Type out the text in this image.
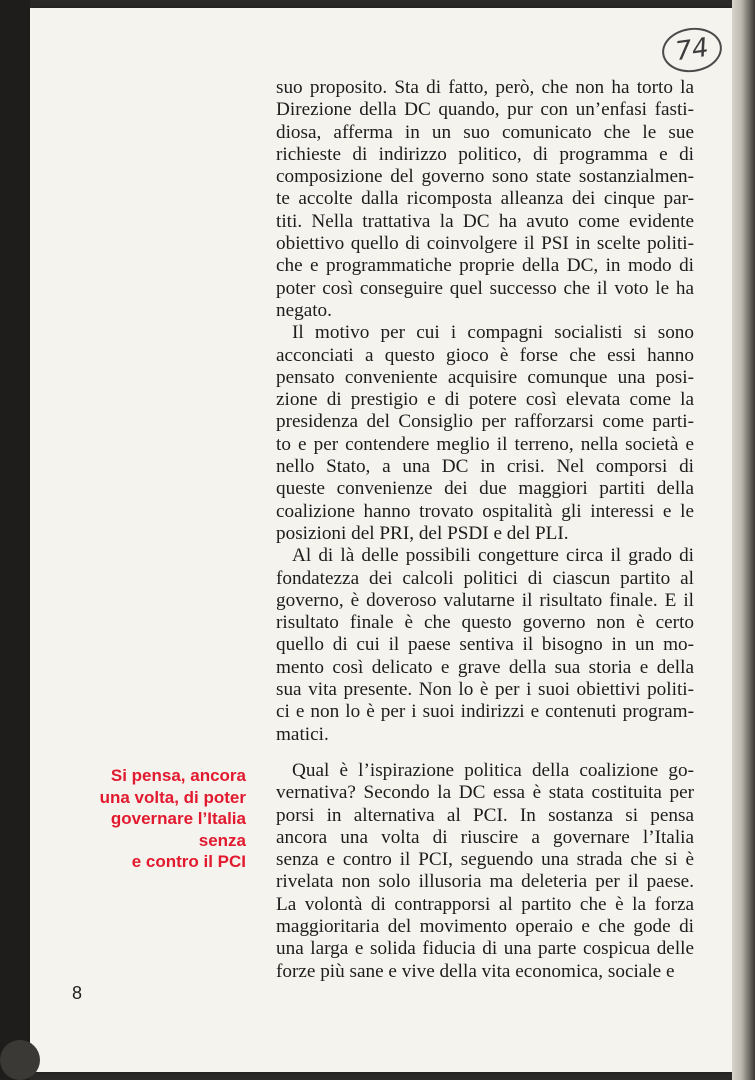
74

suo proposito. Sta di fatto, però, che non ha torto la
Direzione della DC quando, pur con un’enfasi fasti-
diosa, afferma in un suo comunicato che le sue
richieste di indirizzo politico, di programma e di
composizione del governo sono state sostanzialmen-
te accolte dalla ricomposta alleanza dei cinque par-
titi. Nella trattativa la DC ha avuto come evidente
obiettivo quello di coinvolgere il PSI in scelte politi-
che e programmatiche proprie della DC, in modo di
poter così conseguire quel successo che il voto le ha
negato.

Il motivo per cui i compagni socialisti si sono
acconciati a questo gioco è forse che essi hanno
pensato conveniente acquisire comunque una posi-
zione di prestigio e di potere così elevata come la
presidenza del Consiglio per rafforzarsi come parti-
to e per contendere meglio il terreno, nella società e
nello Stato, a una DC in crisi. Nel comporsi di
queste convenienze dei due maggiori partiti della
coalizione hanno trovato ospitalità gli interessi e le
posizioni del PRI, del PSDI e del PLI.

Al di là delle possibili congetture circa il grado di
fondatezza dei calcoli politici di ciascun partito al
governo, è doveroso valutarne il risultato finale. E il
risultato finale è che questo governo non è certo
quello di cui il paese sentiva il bisogno in un mo-
mento così delicato e grave della sua storia e della
sua vita presente. Non lo è per i suoi obiettivi politi-
ci e non lo è per i suoi indirizzi e contenuti program-
matici.

Si pensa, ancora
una volta, di poter
governare l’Italia
senza
e contro il PCI

Qual è l’ispirazione politica della coalizione go-
vernativa? Secondo la DC essa è stata costituita per
porsi in alternativa al PCI. In sostanza si pensa
ancora una volta di riuscire a governare l’Italia
senza e contro il PCI, seguendo una strada che si è
rivelata non solo illusoria ma deleteria per il paese.
La volontà di contrapporsi al partito che è la forza
maggioritaria del movimento operaio e che gode di
una larga e solida fiducia di una parte cospicua delle
forze più sane e vive della vita economica, sociale e

8
